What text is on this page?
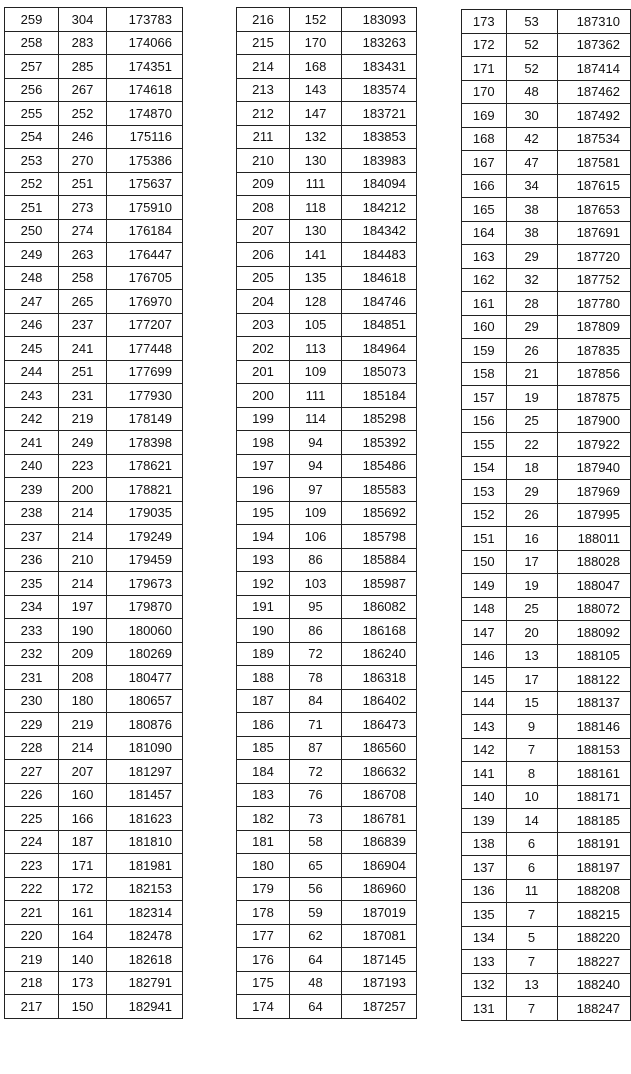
259	304	173783
258	283	174066
257	285	174351
256	267	174618
255	252	174870
254	246	175116
253	270	175386
252	251	175637
251	273	175910
250	274	176184
249	263	176447
248	258	176705
247	265	176970
246	237	177207
245	241	177448
244	251	177699
243	231	177930
242	219	178149
241	249	178398
240	223	178621
239	200	178821
238	214	179035
237	214	179249
236	210	179459
235	214	179673
234	197	179870
233	190	180060
232	209	180269
231	208	180477
230	180	180657
229	219	180876
228	214	181090
227	207	181297
226	160	181457
225	166	181623
224	187	181810
223	171	181981
222	172	182153
221	161	182314
220	164	182478
219	140	182618
218	173	182791
217	150	182941
216	152	183093
215	170	183263
214	168	183431
213	143	183574
212	147	183721
211	132	183853
210	130	183983
209	111	184094
208	118	184212
207	130	184342
206	141	184483
205	135	184618
204	128	184746
203	105	184851
202	113	184964
201	109	185073
200	111	185184
199	114	185298
198	94	185392
197	94	185486
196	97	185583
195	109	185692
194	106	185798
193	86	185884
192	103	185987
191	95	186082
190	86	186168
189	72	186240
188	78	186318
187	84	186402
186	71	186473
185	87	186560
184	72	186632
183	76	186708
182	73	186781
181	58	186839
180	65	186904
179	56	186960
178	59	187019
177	62	187081
176	64	187145
175	48	187193
174	64	187257
173	53	187310
172	52	187362
171	52	187414
170	48	187462
169	30	187492
168	42	187534
167	47	187581
166	34	187615
165	38	187653
164	38	187691
163	29	187720
162	32	187752
161	28	187780
160	29	187809
159	26	187835
158	21	187856
157	19	187875
156	25	187900
155	22	187922
154	18	187940
153	29	187969
152	26	187995
151	16	188011
150	17	188028
149	19	188047
148	25	188072
147	20	188092
146	13	188105
145	17	188122
144	15	188137
143	9	188146
142	7	188153
141	8	188161
140	10	188171
139	14	188185
138	6	188191
137	6	188197
136	11	188208
135	7	188215
134	5	188220
133	7	188227
132	13	188240
131	7	188247
